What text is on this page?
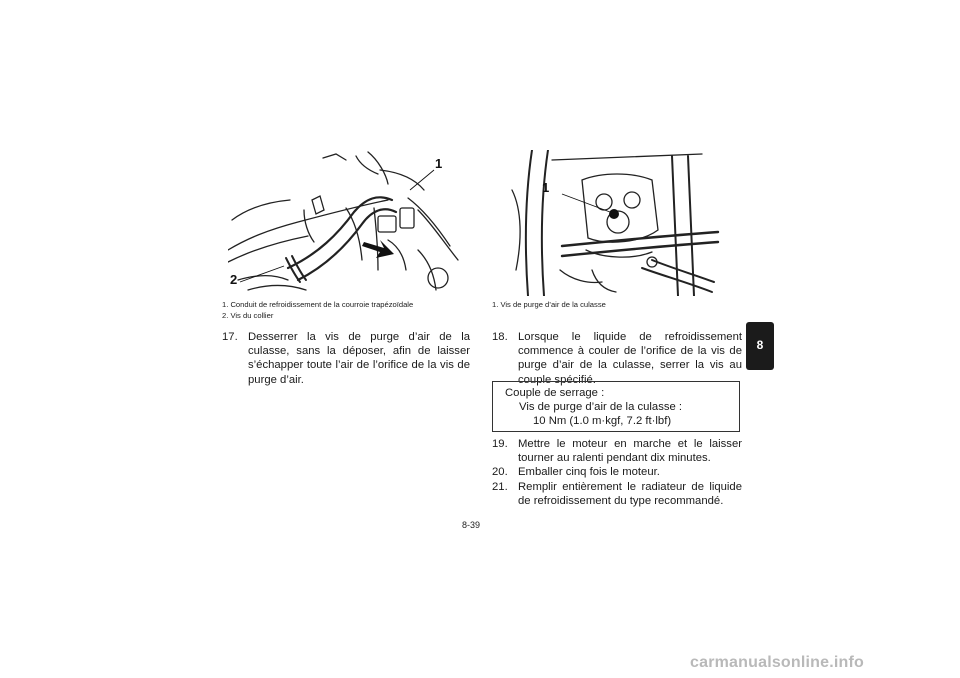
1
2
1
1. Conduit de refroidissement de la courroie trapézoïdale
2. Vis du collier
1. Vis de purge d’air de la culasse
17. Desserrer la vis de purge d’air de la culasse, sans la déposer, afin de laisser s’échapper toute l’air de l’orifice de la vis de purge d’air.
18. Lorsque le liquide de refroidissement commence à couler de l’orifice de la vis de purge d’air de la culasse, serrer la vis au couple spécifié.
Couple de serrage :
Vis de purge d’air de la culasse :
10 Nm (1.0 m·kgf, 7.2 ft·lbf)
19. Mettre le moteur en marche et le laisser tourner au ralenti pendant dix minutes.
20. Emballer cinq fois le moteur.
21. Remplir entièrement le radiateur de liquide de refroidissement du type recommandé.
8-39
8
carmanualsonline.info
